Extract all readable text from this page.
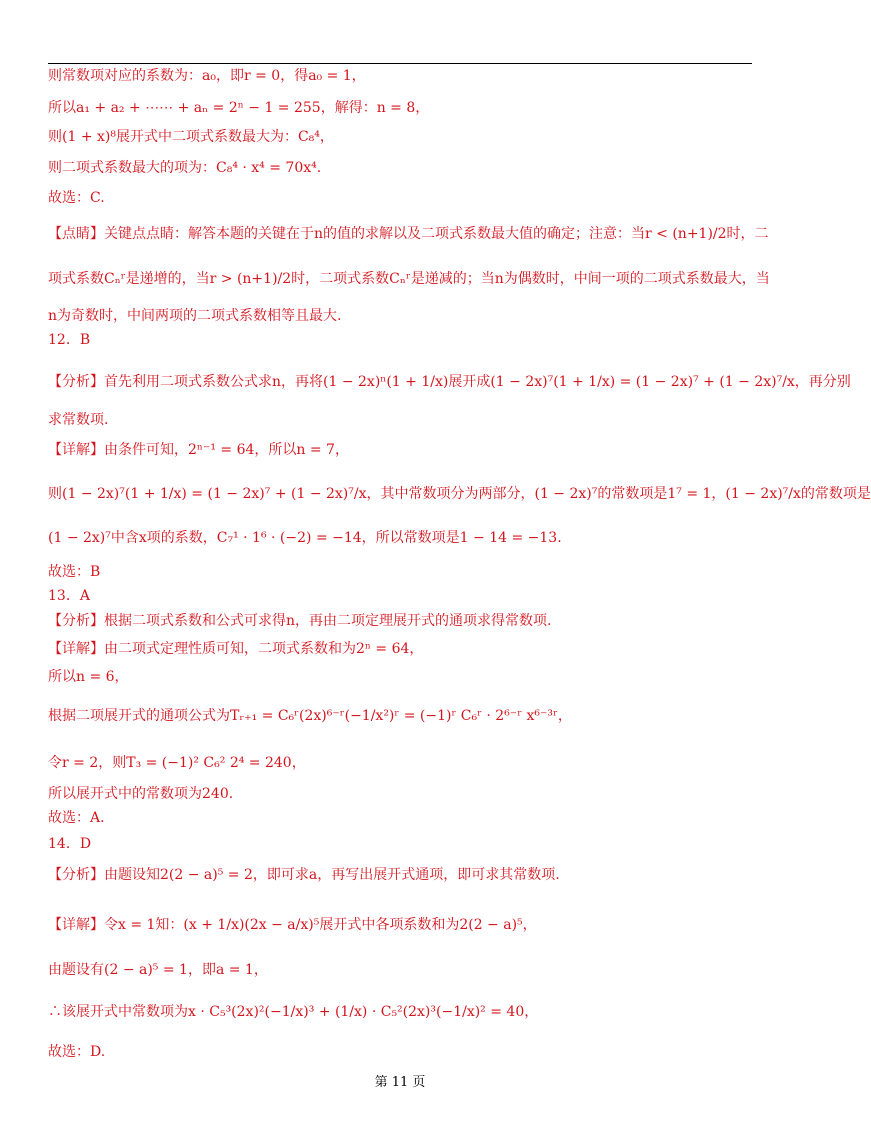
则常数项对应的系数为：a₀，即r = 0，得a₀ = 1，
所以a₁ + a₂ + ⋯⋯ + aₙ = 2ⁿ − 1 = 255，解得：n = 8，
则(1 + x)⁸展开式中二项式系数最大为：C₈⁴，
则二项式系数最大的项为：C₈⁴ · x⁴ = 70x⁴.
故选：C.
【点睛】关键点点睛：解答本题的关键在于n的值的求解以及二项式系数最大值的确定；注意：当r < (n+1)/2时，二
项式系数Cₙʳ是递增的，当r > (n+1)/2时，二项式系数Cₙʳ是递减的；当n为偶数时，中间一项的二项式系数最大，当
n为奇数时，中间两项的二项式系数相等且最大.
12．B
【分析】首先利用二项式系数公式求n，再将(1 − 2x)ⁿ(1 + 1/x)展开成(1 − 2x)⁷(1 + 1/x) = (1 − 2x)⁷ + (1 − 2x)⁷/x，再分别
求常数项.
【详解】由条件可知，2ⁿ⁻¹ = 64，所以n = 7，
则(1 − 2x)⁷(1 + 1/x) = (1 − 2x)⁷ + (1 − 2x)⁷/x，其中常数项分为两部分，(1 − 2x)⁷的常数项是1⁷ = 1，(1 − 2x)⁷/x的常数项是
(1 − 2x)⁷中含x项的系数，C₇¹ · 1⁶ · (−2) = −14，所以常数项是1 − 14 = −13.
故选：B
13．A
【分析】根据二项式系数和公式可求得n，再由二项定理展开式的通项求得常数项.
【详解】由二项式定理性质可知，二项式系数和为2ⁿ = 64，
所以n = 6，
根据二项展开式的通项公式为Tᵣ₊₁ = C₆ʳ(2x)⁶⁻ʳ(−1/x²)ʳ = (−1)ʳ C₆ʳ · 2⁶⁻ʳ x⁶⁻³ʳ，
令r = 2，则T₃ = (−1)² C₆² 2⁴ = 240，
所以展开式中的常数项为240.
故选：A.
14．D
【分析】由题设知2(2 − a)⁵ = 2，即可求a，再写出展开式通项，即可求其常数项.
【详解】令x = 1知：(x + 1/x)(2x − a/x)⁵展开式中各项系数和为2(2 − a)⁵，
由题设有(2 − a)⁵ = 1，即a = 1，
∴该展开式中常数项为x · C₅³(2x)²(−1/x)³ + (1/x) · C₅²(2x)³(−1/x)² = 40，
故选：D.
第 11 页
